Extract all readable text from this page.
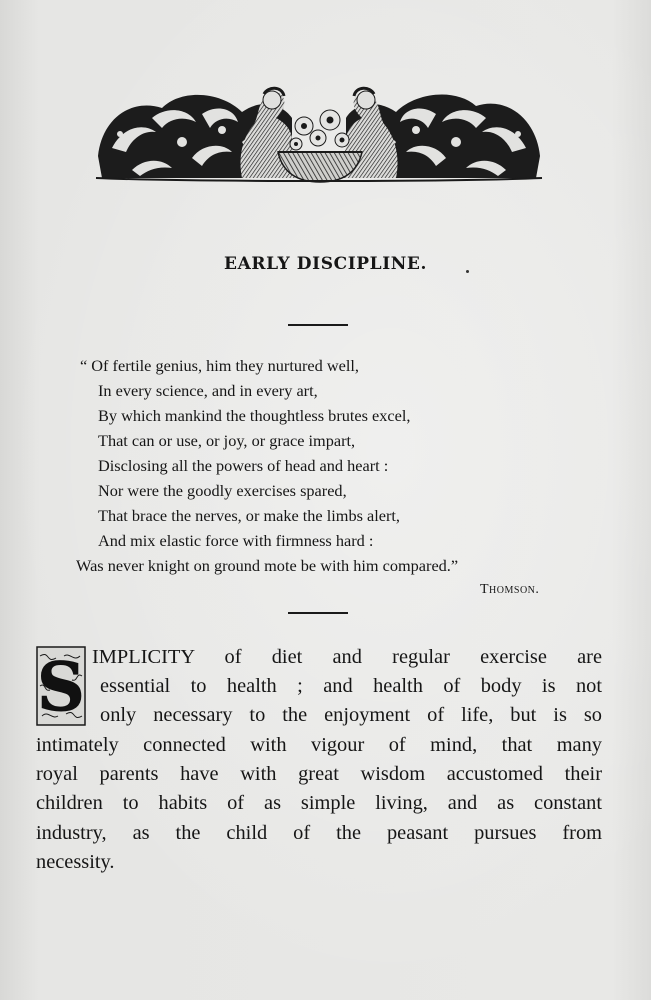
EARLY DISCIPLINE.
“ Of fertile genius, him they nurtured well,
In every science, and in every art,
By which mankind the thoughtless brutes excel,
That can or use, or joy, or grace impart,
Disclosing all the powers of head and heart :
Nor were the goodly exercises spared,
That brace the nerves, or make the limbs alert,
And mix elastic force with firmness hard :
Was never knight on ground mote be with him compared.”
Thomson.
S IMPLICITY of diet and regular exercise are
essential to health ; and health of body is not
only necessary to the enjoyment of life, but is so
intimately connected with vigour of mind, that many
royal parents have with great wisdom accustomed their
children to habits of as simple living, and as constant
industry, as the child of the peasant pursues from
necessity.
